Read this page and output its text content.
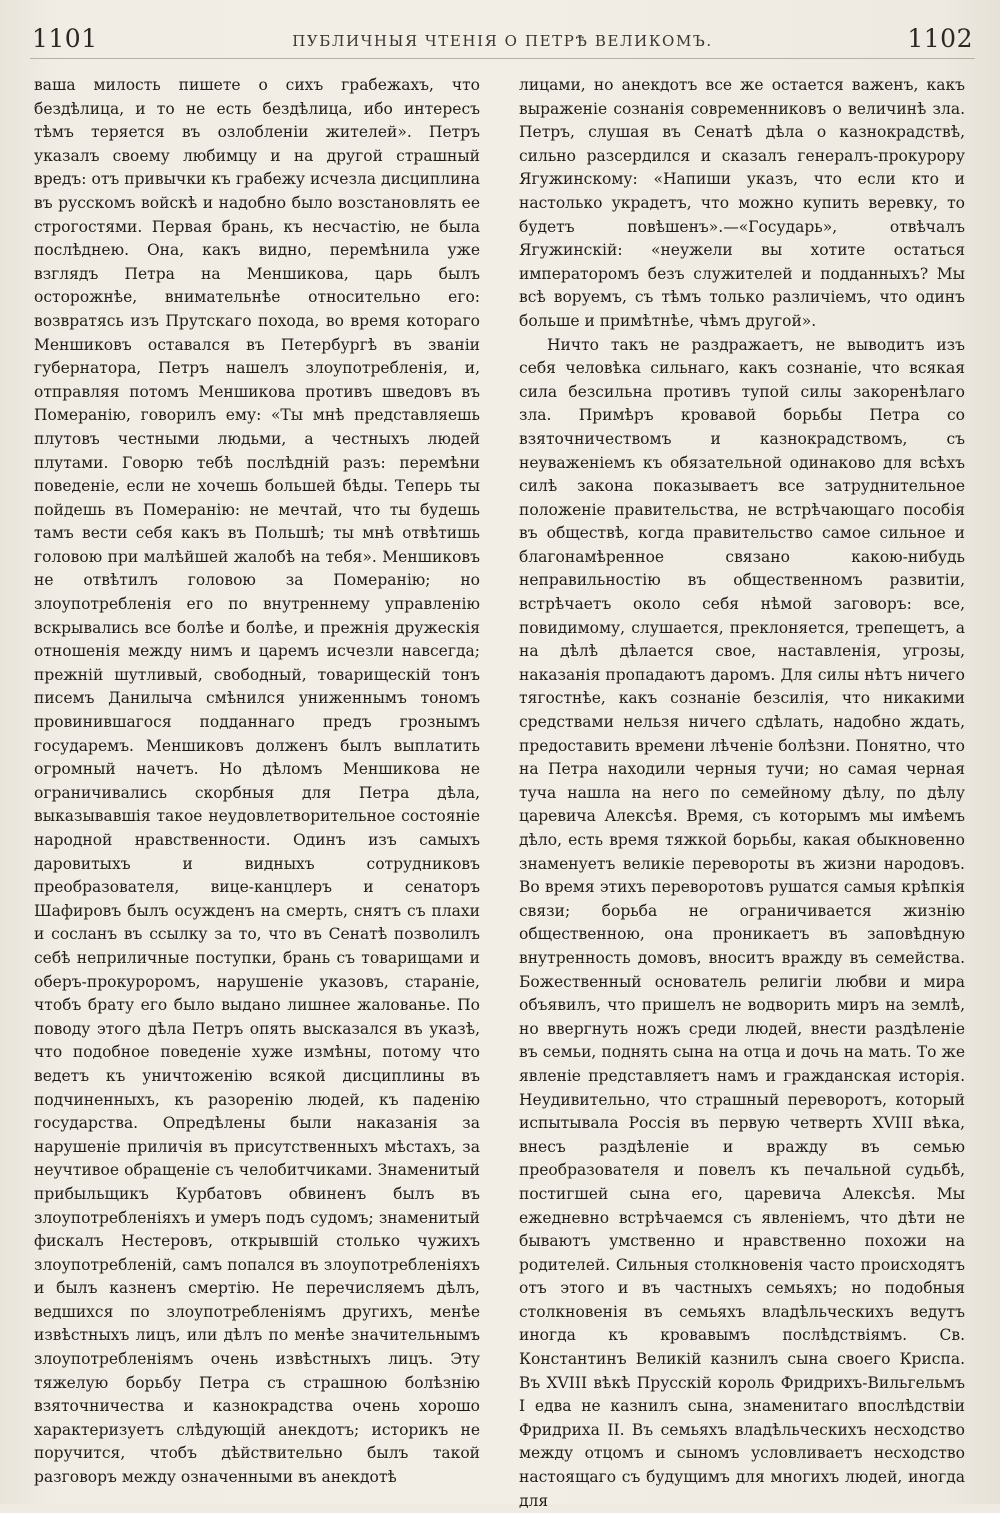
1101	ПУБЛИЧНЫЯ ЧТЕНІЯ О ПЕТРѢ ВЕЛИКОМЪ.	1102

ваша милость пишете о сихъ грабежахъ, что бездѣлица, и то не есть бездѣлица, ибо интересъ тѣмъ теряется въ озлобленіи жителей». Петръ указалъ своему любимцу и на другой страшный вредъ: отъ привычки къ грабежу исчезла дисциплина въ русскомъ войскѣ и надобно было возстановлять ее строгостями. Первая брань, къ несчастію, не была послѣднею. Она, какъ видно, перемѣнила уже взглядъ Петра на Меншикова, царь былъ осторожнѣе, внимательнѣе относительно его: возвратясь изъ Прутскаго похода, во время котораго Меншиковъ оставался въ Петербургѣ въ званіи губернатора, Петръ нашелъ злоупотребленія, и, отправляя потомъ Меншикова противъ шведовъ въ Померанію, говорилъ ему: «Ты мнѣ представляешь плутовъ честными людьми, а честныхъ людей плутами. Говорю тебѣ послѣдній разъ: перемѣни поведеніе, если не хочешь большей бѣды. Теперь ты пойдешь въ Померанію: не мечтай, что ты будешь тамъ вести себя какъ въ Польшѣ; ты мнѣ отвѣтишь головою при малѣйшей жалобѣ на тебя». Меншиковъ не отвѣтилъ головою за Померанію; но злоупотребленія его по внутреннему управленію вскрывались все болѣе и болѣе, и прежнія дружескія отношенія между нимъ и царемъ исчезли навсегда; прежній шутливый, свободный, товарищескій тонъ писемъ Данилыча смѣнился униженнымъ тономъ провинившагося подданнаго предъ грознымъ государемъ. Меншиковъ долженъ былъ выплатить огромный начетъ. Но дѣломъ Меншикова не ограничивались скорбныя для Петра дѣла, выказывавшія такое неудовлетворительное состояніе народной нравственности. Одинъ изъ самыхъ даровитыхъ и видныхъ сотрудниковъ преобразователя, вице-канцлеръ и сенаторъ Шафировъ былъ осужденъ на смерть, снятъ съ плахи и сосланъ въ ссылку за то, что въ Сенатѣ позволилъ себѣ неприличные поступки, брань съ товарищами и оберъ-прокуроромъ, нарушеніе указовъ, стараніе, чтобъ брату его было выдано лишнее жалованье. По поводу этого дѣла Петръ опять высказался въ указѣ, что подобное поведеніе хуже измѣны, потому что ведетъ къ уничтоженію всякой дисциплины въ подчиненныхъ, къ разоренію людей, къ паденію государства. Опредѣлены были наказанія за нарушеніе приличія въ присутственныхъ мѣстахъ, за неучтивое обращеніе съ челобитчиками. Знаменитый прибыльщикъ Курбатовъ обвиненъ былъ въ злоупотребленіяхъ и умеръ подъ судомъ; знаменитый фискалъ Нестеровъ, открывшій столько чужихъ злоупотребленій, самъ попался въ злоупотребленіяхъ и былъ казненъ смертію. Не перечисляемъ дѣлъ, ведшихся по злоупотребленіямъ другихъ, менѣе извѣстныхъ лицъ, или дѣлъ по менѣе значительнымъ злоупотребленіямъ очень извѣстныхъ лицъ. Эту тяжелую борьбу Петра съ страшною болѣзнію взяточничества и казнокрадства очень хорошо характеризуетъ слѣдующій анекдотъ; историкъ не поручится, чтобъ дѣйствительно былъ такой разговоръ между означенными въ анекдотѣ

лицами, но анекдотъ все же остается важенъ, какъ выраженіе сознанія современниковъ о величинѣ зла. Петръ, слушая въ Сенатѣ дѣла о казнокрадствѣ, сильно разсердился и сказалъ генералъ-прокурору Ягужинскому: «Напиши указъ, что если кто и настолько украдетъ, что можно купить веревку, то будетъ повѣшенъ».—«Государь», отвѣчалъ Ягужинскій: «неужели вы хотите остаться императоромъ безъ служителей и подданныхъ? Мы всѣ воруемъ, съ тѣмъ только различіемъ, что одинъ больше и примѣтнѣе, чѣмъ другой».

Ничто такъ не раздражаетъ, не выводитъ изъ себя человѣка сильнаго, какъ сознаніе, что всякая сила безсильна противъ тупой силы закоренѣлаго зла. Примѣръ кровавой борьбы Петра со взяточничествомъ и казнокрадствомъ, съ неуваженіемъ къ обязательной одинаково для всѣхъ силѣ закона показываетъ все затруднительное положеніе правительства, не встрѣчающаго пособія въ обществѣ, когда правительство самое сильное и благонамѣренное связано какою-нибудь неправильностію въ общественномъ развитіи, встрѣчаетъ около себя нѣмой заговоръ: все, повидимому, слушается, преклоняется, трепещетъ, а на дѣлѣ дѣлается свое, наставленія, угрозы, наказанія пропадаютъ даромъ. Для силы нѣтъ ничего тягостнѣе, какъ сознаніе безсилія, что никакими средствами нельзя ничего сдѣлать, надобно ждать, предоставить времени лѣченіе болѣзни. Понятно, что на Петра находили черныя тучи; но самая черная туча нашла на него по семейному дѣлу, по дѣлу царевича Алексѣя. Время, съ которымъ мы имѣемъ дѣло, есть время тяжкой борьбы, какая обыкновенно знаменуетъ великіе перевороты въ жизни народовъ. Во время этихъ переворотовъ рушатся самыя крѣпкія связи; борьба не ограничивается жизнію общественною, она проникаетъ въ заповѣдную внутренность домовъ, вноситъ вражду въ семейства. Божественный основатель религіи любви и мира объявилъ, что пришелъ не водворить миръ на землѣ, но ввергнуть ножъ среди людей, внести раздѣленіе въ семьи, поднять сына на отца и дочь на мать. То же явленіе представляетъ намъ и гражданская исторія. Неудивительно, что страшный переворотъ, который испытывала Россія въ первую четверть XVIII вѣка, внесъ раздѣленіе и вражду въ семью преобразователя и повелъ къ печальной судьбѣ, постигшей сына его, царевича Алексѣя. Мы ежедневно встрѣчаемся съ явленіемъ, что дѣти не бываютъ умственно и нравственно похожи на родителей. Сильныя столкновенія часто происходятъ отъ этого и въ частныхъ семьяхъ; но подобныя столкновенія въ семьяхъ владѣльческихъ ведутъ иногда къ кровавымъ послѣдствіямъ. Св. Константинъ Великій казнилъ сына своего Криспа. Въ XVIII вѣкѣ Прусскій король Фридрихъ-Вильгельмъ I едва не казнилъ сына, знаменитаго впослѣдствіи Фридриха II. Въ семьяхъ владѣльческихъ несходство между отцомъ и сыномъ условливаетъ несходство настоящаго съ будущимъ для многихъ людей, иногда для
